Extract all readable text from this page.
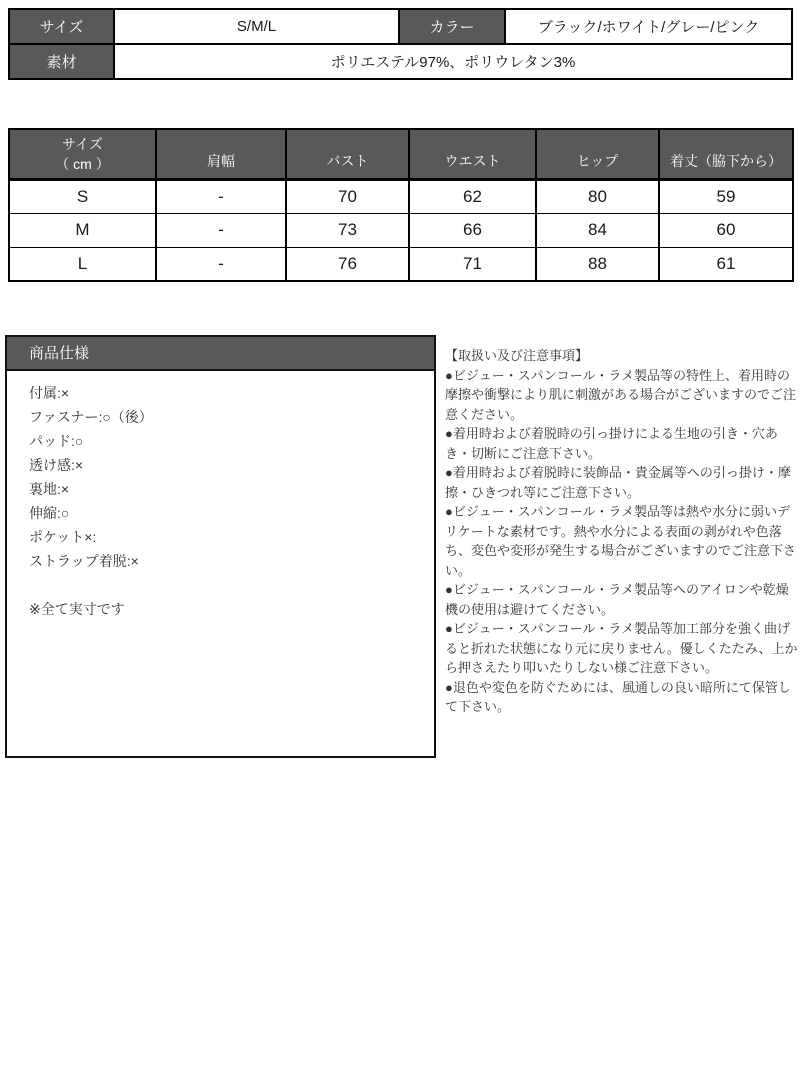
サイズ	S/M/L	カラー	ブラック/ホワイト/グレー/ピンク
素材	ポリエステル97%、ポリウレタン3%		
サイズ
（ cm ）	肩幅	バスト	ウエスト	ヒップ	着丈（脇下から）
S	-	70	62	80	59
M	-	73	66	84	60
L	-	76	71	88	61
商品仕様
付属:×
ファスナー:○（後）
パッド:○
透け感:×
裏地:×
伸縮:○
ポケット×:
ストラップ着脱:×
※全て実寸です

【取扱い及び注意事項】

●ビジュー・スパンコール・ラメ製品等の特性上、着用時の摩擦や衝撃により肌に刺激がある場合がございますのでご注意ください。

●着用時および着脱時の引っ掛けによる生地の引き・穴あき・切断にご注意下さい。

●着用時および着脱時に装飾品・貴金属等への引っ掛け・摩擦・ひきつれ等にご注意下さい。

●ビジュー・スパンコール・ラメ製品等は熱や水分に弱いデリケートな素材です。熱や水分による表面の剥がれや色落ち、変色や変形が発生する場合がございますのでご注意下さい。

●ビジュー・スパンコール・ラメ製品等へのアイロンや乾燥機の使用は避けてください。

●ビジュー・スパンコール・ラメ製品等加工部分を強く曲げると折れた状態になり元に戻りません。優しくたたみ、上から押さえたり叩いたりしない様ご注意下さい。

●退色や変色を防ぐためには、風通しの良い暗所にて保管して下さい。
